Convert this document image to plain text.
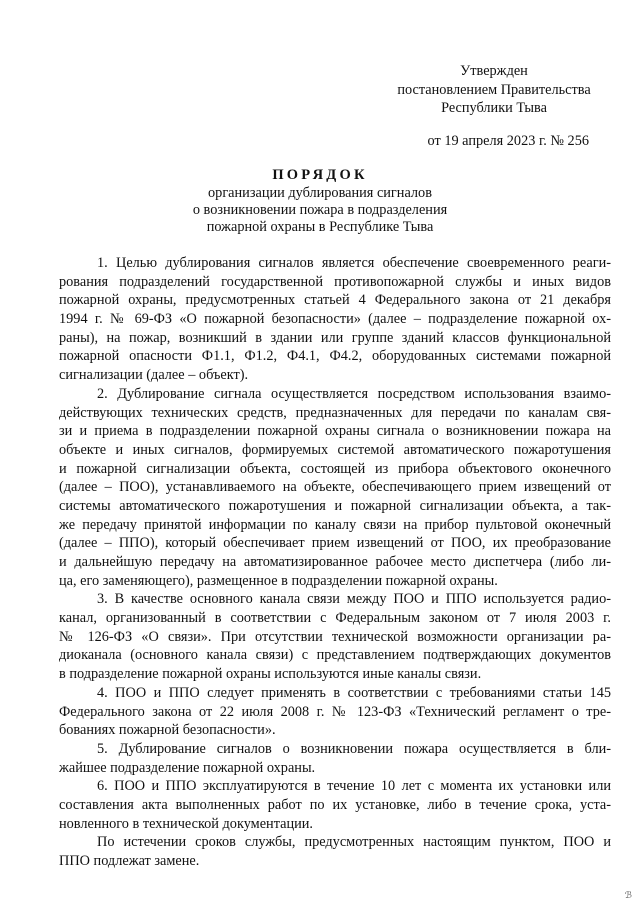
Утвержден
постановлением Правительства
Республики Тыва
от 19 апреля 2023 г. № 256
ПОРЯДОК
организации дублирования сигналов
о возникновении пожара в подразделения
пожарной охраны в Республике Тыва
1. Целью дублирования сигналов является обеспечение своевременного реаги-
рования подразделений государственной противопожарной службы и иных видов
пожарной охраны, предусмотренных статьей 4 Федерального закона от 21 декабря
1994 г. № 69-ФЗ «О пожарной безопасности» (далее – подразделение пожарной ох-
раны), на пожар, возникший в здании или группе зданий классов функциональной
пожарной опасности Ф1.1, Ф1.2, Ф4.1, Ф4.2, оборудованных системами пожарной
сигнализации (далее – объект).
2. Дублирование сигнала осуществляется посредством использования взаимо-
действующих технических средств, предназначенных для передачи по каналам свя-
зи и приема в подразделении пожарной охраны сигнала о возникновении пожара на
объекте и иных сигналов, формируемых системой автоматического пожаротушения
и пожарной сигнализации объекта, состоящей из прибора объектового оконечного
(далее – ПОО), устанавливаемого на объекте, обеспечивающего прием извещений от
системы автоматического пожаротушения и пожарной сигнализации объекта, а так-
же передачу принятой информации по каналу связи на прибор пультовой оконечный
(далее – ППО), который обеспечивает прием извещений от ПОО, их преобразование
и дальнейшую передачу на автоматизированное рабочее место диспетчера (либо ли-
ца, его заменяющего), размещенное в подразделении пожарной охраны.
3. В качестве основного канала связи между ПОО и ППО используется радио-
канал, организованный в соответствии с Федеральным законом от 7 июля 2003 г.
№ 126-ФЗ «О связи». При отсутствии технической возможности организации ра-
диоканала (основного канала связи) с представлением подтверждающих документов
в подразделение пожарной охраны используются иные каналы связи.
4. ПОО и ППО следует применять в соответствии с требованиями статьи 145
Федерального закона от 22 июля 2008 г. № 123-ФЗ «Технический регламент о тре-
бованиях пожарной безопасности».
5. Дублирование сигналов о возникновении пожара осуществляется в бли-
жайшее подразделение пожарной охраны.
6. ПОО и ППО эксплуатируются в течение 10 лет с момента их установки или
составления акта выполненных работ по их установке, либо в течение срока, уста-
новленного в технической документации.
По истечении сроков службы, предусмотренных настоящим пунктом, ПОО и
ППО подлежат замене.
ℬ
